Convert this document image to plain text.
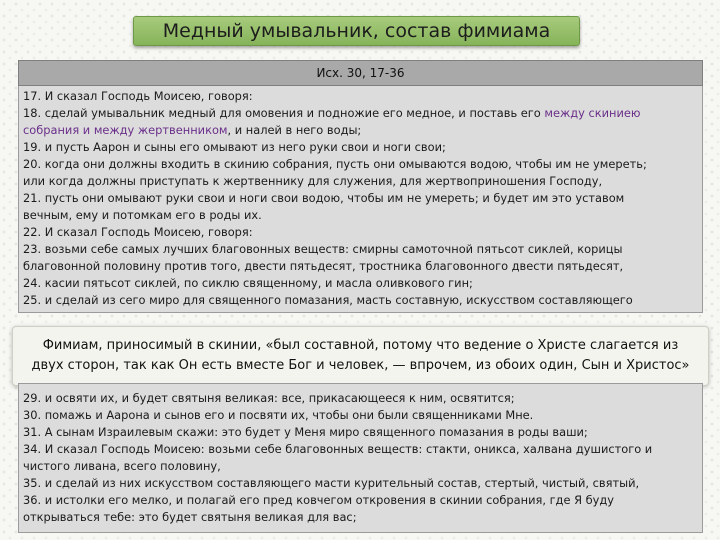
Медный умывальник, состав фимиама
Исх. 30, 17-36
17. И сказал Господь Моисею, говоря:
18. сделай умывальник медный для омовения и подножие его медное, и поставь его между скиниею
собрания и между жертвенником, и налей в него воды;
19. и пусть Аарон и сыны его омывают из него руки свои и ноги свои;
20. когда они должны входить в скинию собрания, пусть они омываются водою, чтобы им не умереть;
или когда должны приступать к жертвеннику для служения, для жертвоприношения Господу,
21. пусть они омывают руки свои и ноги свои водою, чтобы им не умереть; и будет им это уставом
вечным, ему и потомкам его в роды их.
22. И сказал Господь Моисею, говоря:
23. возьми себе самых лучших благовонных веществ: смирны самоточной пятьсот сиклей, корицы
благовонной половину против того, двести пятьдесят, тростника благовонного двести пятьдесят,
24. касии пятьсот сиклей, по сиклю священному, и масла оливкового гин;
25. и сделай из сего миро для священного помазания, масть составную, искусством составляющего
Фимиам, приносимый в скинии, «был составной, потому что ведение о Христе слагается из двух сторон, так как Он есть вместе Бог и человек, — впрочем, из обоих один, Сын и Христос»
29. и освяти их, и будет святыня великая: все, прикасающееся к ним, освятится;
30. помажь и Аарона и сынов его и посвяти их, чтобы они были священниками Мне.
31. А сынам Израилевым скажи: это будет у Меня миро священного помазания в роды ваши;
34. И сказал Господь Моисею: возьми себе благовонных веществ: стакти, оникса, халвана душистого и
чистого ливана, всего половину,
35. и сделай из них искусством составляющего масти курительный состав, стертый, чистый, святый,
36. и истолки его мелко, и полагай его пред ковчегом откровения в скинии собрания, где Я буду
открываться тебе: это будет святыня великая для вас;
